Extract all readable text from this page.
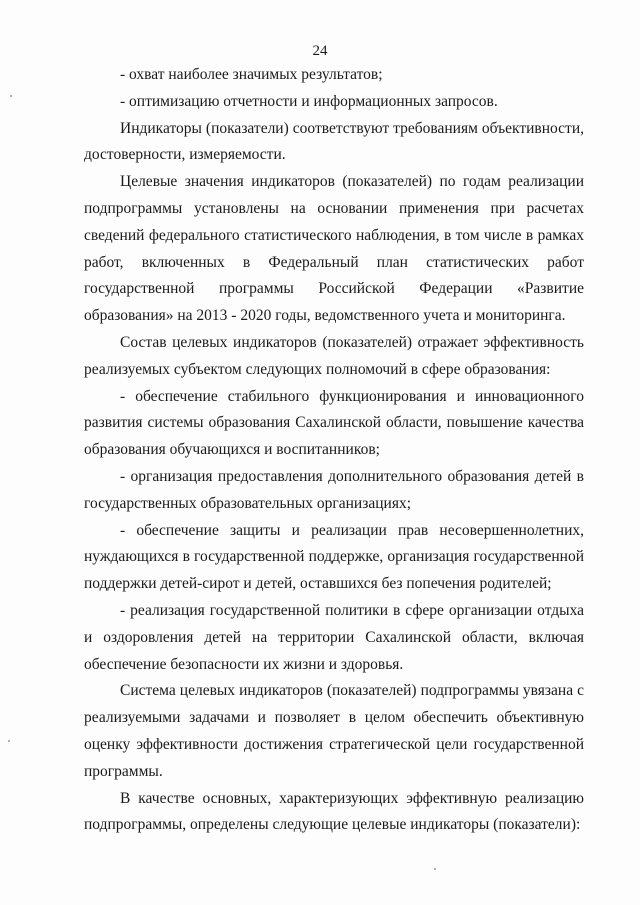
24

- охват наиболее значимых результатов;

- оптимизацию отчетности и информационных запросов.

Индикаторы (показатели) соответствуют требованиям объективности, достоверности, измеряемости.

Целевые значения индикаторов (показателей) по годам реализации подпрограммы установлены на основании применения при расчетах сведений федерального статистического наблюдения, в том числе в рамках работ, включенных в Федеральный план статистических работ государственной программы Российской Федерации «Развитие образования» на 2013 - 2020 годы, ведомственного учета и мониторинга.

Состав целевых индикаторов (показателей) отражает эффективность реализуемых субъектом следующих полномочий в сфере образования:

- обеспечение стабильного функционирования и инновационного развития системы образования Сахалинской области, повышение качества образования обучающихся и воспитанников;

- организация предоставления дополнительного образования детей в государственных образовательных организациях;

- обеспечение защиты и реализации прав несовершеннолетних, нуждающихся в государственной поддержке, организация государственной поддержки детей-сирот и детей, оставшихся без попечения родителей;

- реализация государственной политики в сфере организации отдыха и оздоровления детей на территории Сахалинской области, включая обеспечение безопасности их жизни и здоровья.

Система целевых индикаторов (показателей) подпрограммы увязана с реализуемыми задачами и позволяет в целом обеспечить объективную оценку эффективности достижения стратегической цели государственной программы.

В качестве основных, характеризующих эффективную реализацию подпрограммы, определены следующие целевые индикаторы (показатели):
